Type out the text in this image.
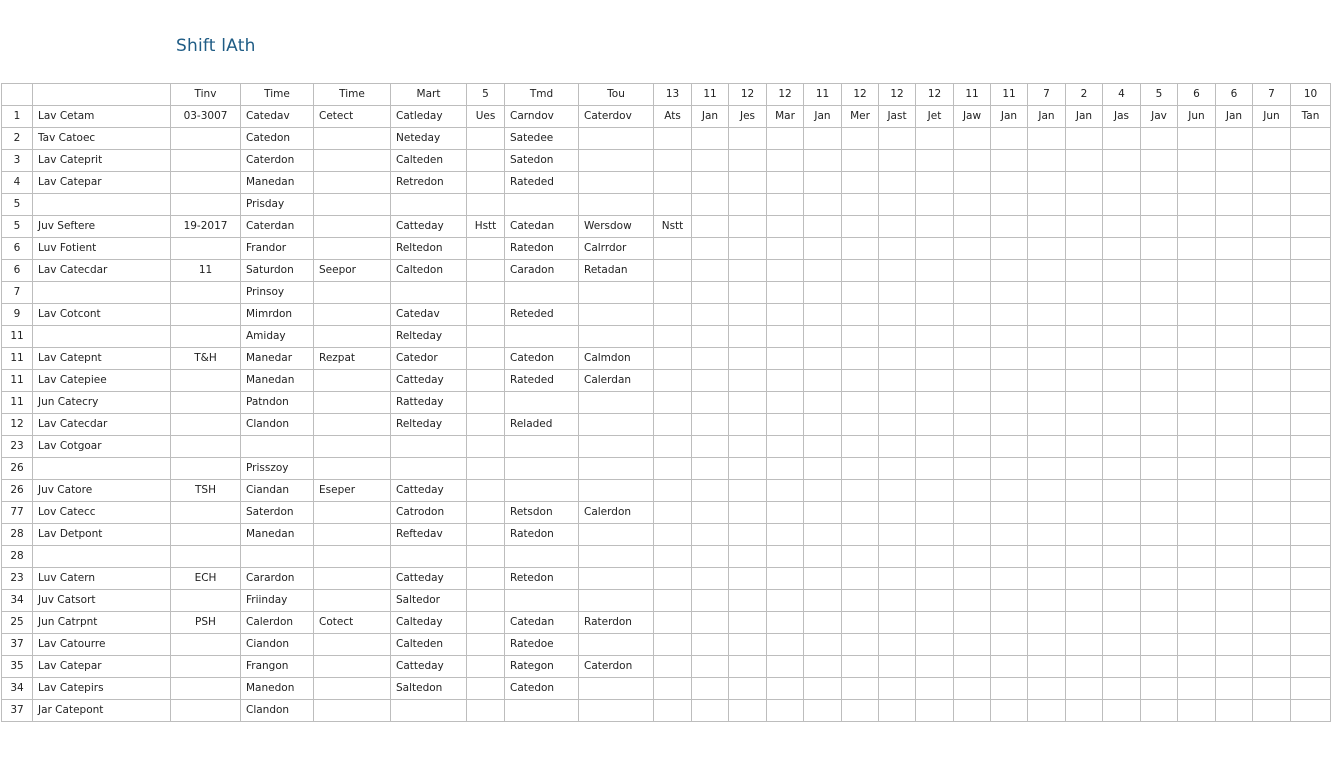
Shift lAth
		Tinv	Time	Time	Mart	5	Tmd	Tou	13	11	12	12	11	12	12	12	11	11	7	2	4	5	6	6	7	10
1	Lav Cetam	03-3007	Catedav	Cetect	Catleday	Ues	Carndov	Caterdov	Ats	Jan	Jes	Mar	Jan	Mer	Jast	Jet	Jaw	Jan	Jan	Jan	Jas	Jav	Jun	Jan	Jun	Tan
2	Tav Catoec		Catedon		Neteday		Satedee																			
3	Lav Cateprit		Caterdon		Calteden		Satedon																			
4	Lav Catepar		Manedan		Retredon		Rateded																			
5			Prisday																							
5	Juv Seftere	19-2017	Caterdan		Catteday	Hstt	Catedan	Wersdow	Nstt																	
6	Luv Fotient		Frandor		Reltedon		Ratedon	Calrrdor																		
6	Lav Catecdar	11	Saturdon	Seepor	Caltedon		Caradon	Retadan																		
7			Prinsoy																							
9	Lav Cotcont		Mimrdon		Catedav		Reteded																			
11			Amiday		Relteday																					
11	Lav Catepnt	T&H	Manedar	Rezpat	Catedor		Catedon	Calmdon																		
11	Lav Catepiee		Manedan		Catteday		Rateded	Calerdan																		
11	Jun Catecry		Patndon		Ratteday																					
12	Lav Catecdar		Clandon		Relteday		Reladed																			
23	Lav Cotgoar																									
26			Prisszoy																							
26	Juv Catore	TSH	Ciandan	Eseper	Catteday																					
77	Lov Catecc		Saterdon		Catrodon		Retsdon	Calerdon																		
28	Lav Detpont		Manedan		Reftedav		Ratedon																			
28																										
23	Luv Catern	ECH	Carardon		Catteday		Retedon																			
34	Juv Catsort		Friinday		Saltedor																					
25	Jun Catrpnt	PSH	Calerdon	Cotect	Calteday		Catedan	Raterdon																		
37	Lav Catourre		Ciandon		Calteden		Ratedoe																			
35	Lav Catepar		Frangon		Catteday		Rategon	Caterdon																		
34	Lav Catepirs		Manedon		Saltedon		Catedon																			
37	Jar Catepont		Clandon																							
